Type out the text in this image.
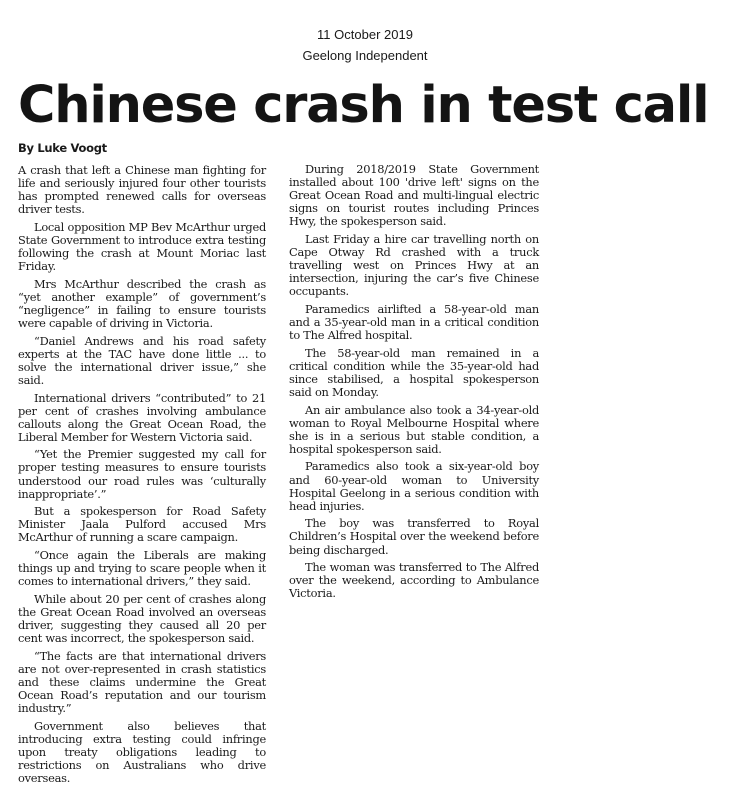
11 October 2019
Geelong Independent
Chinese crash in test call
By Luke Voogt

A crash that left a Chinese man fighting for life and seriously injured four other tourists has prompted renewed calls for overseas driver tests.

Local opposition MP Bev McArthur urged State Government to introduce extra testing following the crash at Mount Moriac last Friday.

Mrs McArthur described the crash as “yet another example” of government’s “negligence” in failing to ensure tourists were capable of driving in Victoria.

“Daniel Andrews and his road safety experts at the TAC have done little ... to solve the international driver issue,” she said.

International drivers “contributed” to 21 per cent of crashes involving ambulance callouts along the Great Ocean Road, the Liberal Member for Western Victoria said.

“Yet the Premier suggested my call for proper testing measures to ensure tourists understood our road rules was ‘culturally inappropriate’.”

But a spokesperson for Road Safety Minister Jaala Pulford accused Mrs McArthur of running a scare campaign.

“Once again the Liberals are making things up and trying to scare people when it comes to international drivers,” they said.

While about 20 per cent of crashes along the Great Ocean Road involved an overseas driver, suggesting they caused all 20 per cent was incorrect, the spokesperson said.

“The facts are that international drivers are not over-represented in crash statistics and these claims undermine the Great Ocean Road’s reputation and our tourism industry.”

Government also believes that introducing extra testing could infringe upon treaty obligations leading to restrictions on Australians who drive overseas.

During 2018/2019 State Government installed about 100 'drive left' signs on the Great Ocean Road and multi-lingual electric signs on tourist routes including Princes Hwy, the spokesperson said.

Last Friday a hire car travelling north on Cape Otway Rd crashed with a truck travelling west on Princes Hwy at an intersection, injuring the car’s five Chinese occupants.

Paramedics airlifted a 58-year-old man and a 35-year-old man in a critical condition to The Alfred hospital.

The 58-year-old man remained in a critical condition while the 35-year-old had since stabilised, a hospital spokesperson said on Monday.

An air ambulance also took a 34-year-old woman to Royal Melbourne Hospital where she is in a serious but stable condition, a hospital spokesperson said.

Paramedics also took a six-year-old boy and 60-year-old woman to University Hospital Geelong in a serious condition with head injuries.

The boy was transferred to Royal Children’s Hospital over the weekend before being discharged.

The woman was transferred to The Alfred over the weekend, according to Ambulance Victoria.
